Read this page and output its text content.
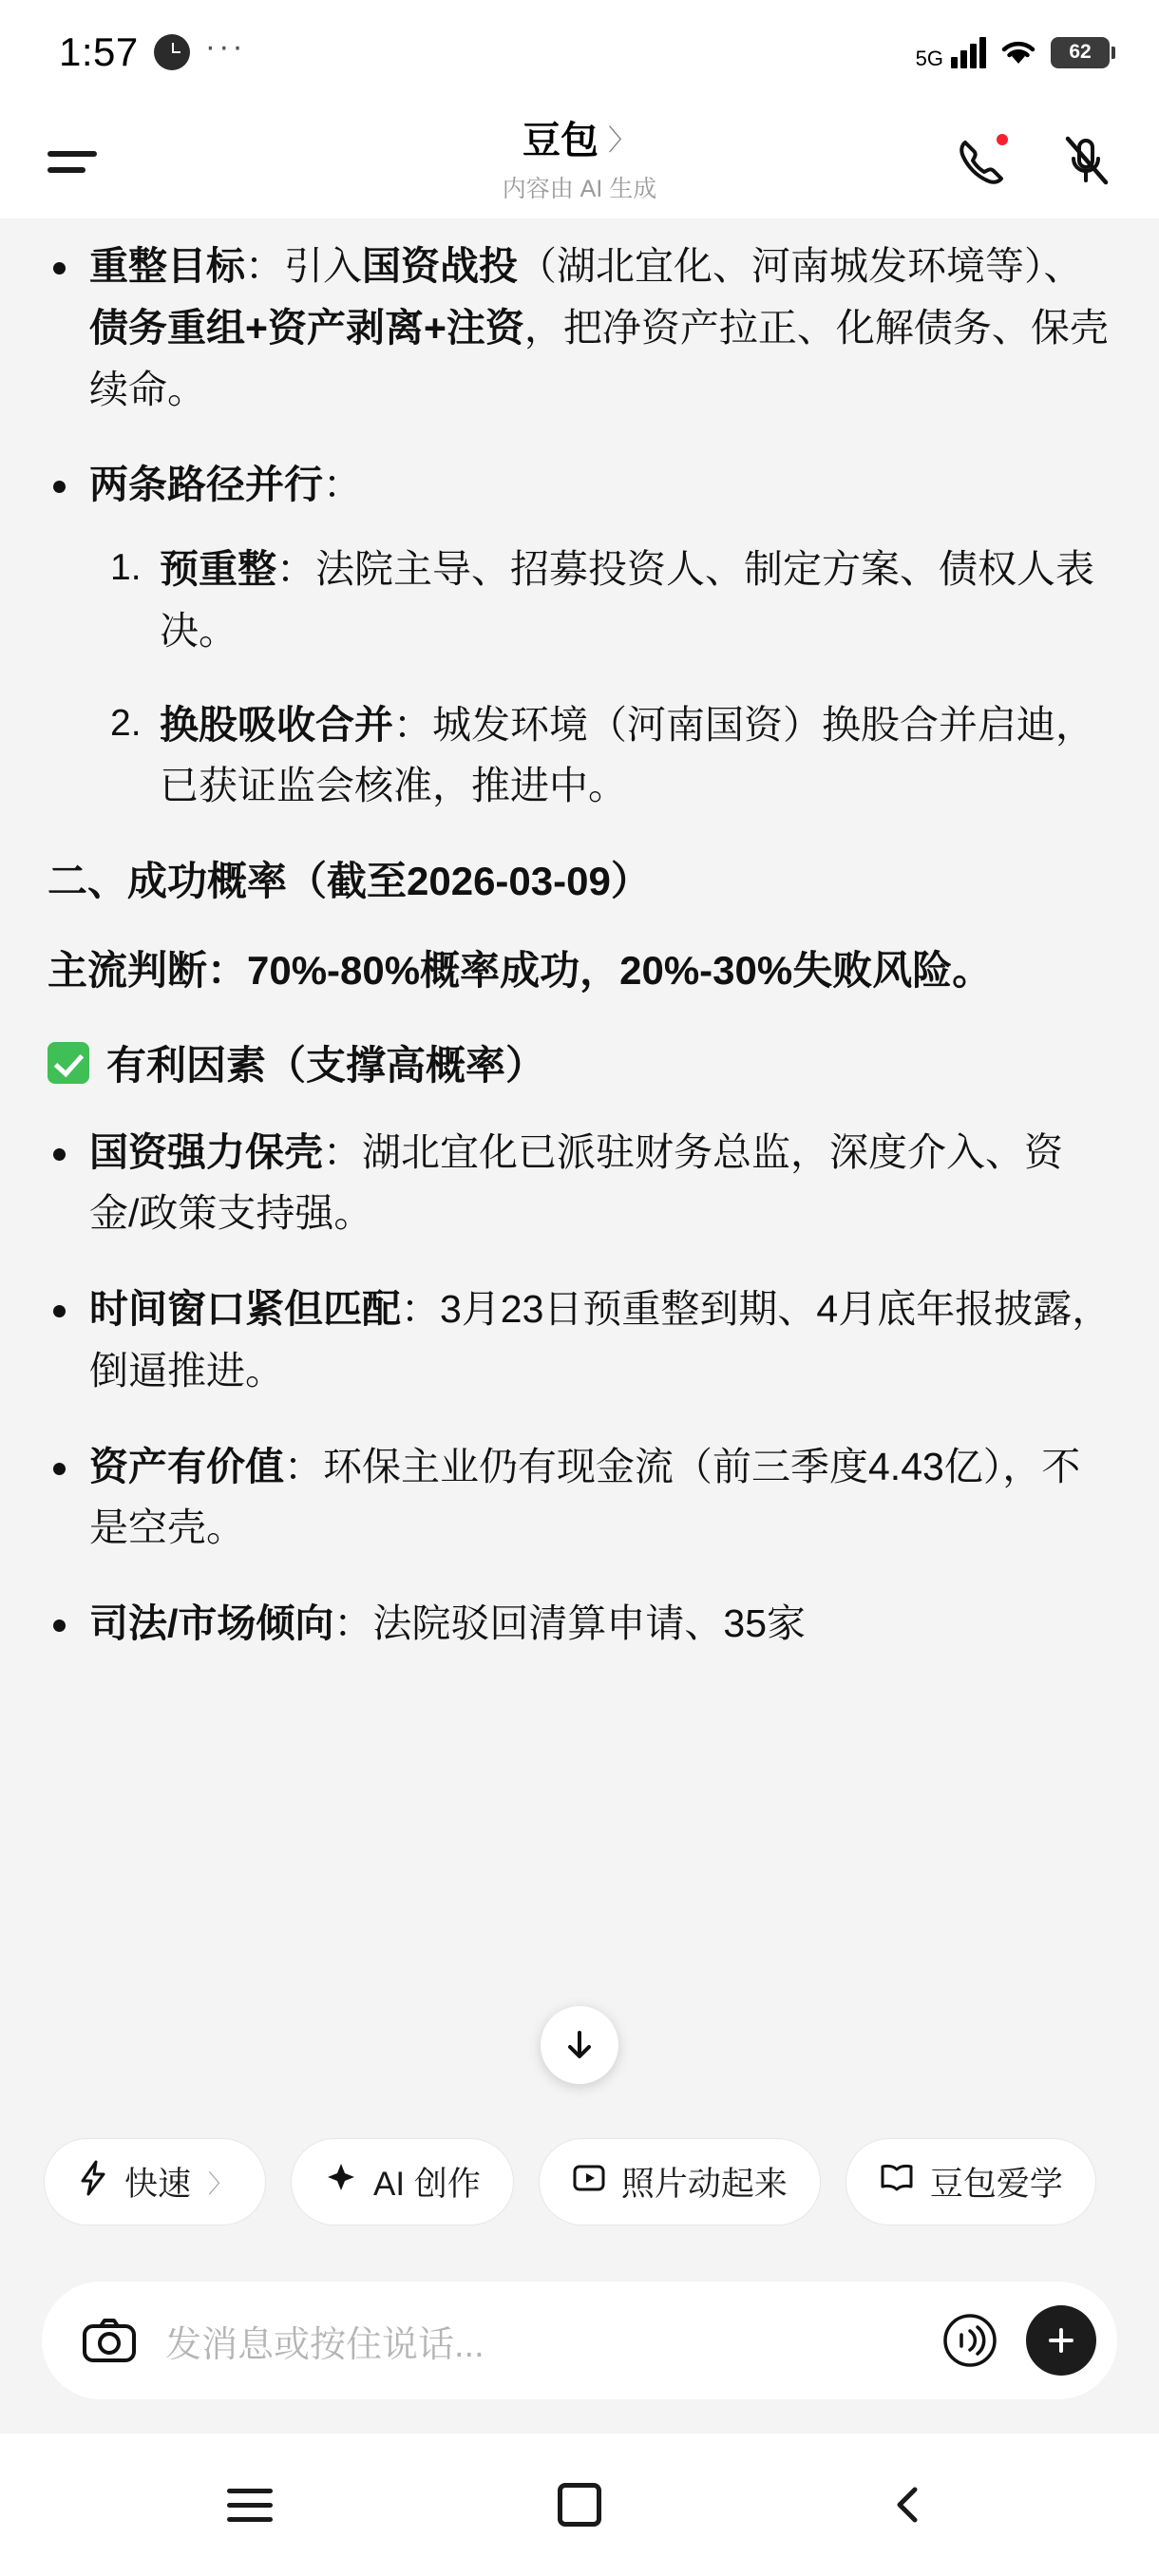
1:57 ···	5G	62
豆包 〉
内容由 AI 生成
重整目标：引入国资战投（湖北宜化、河南城发环境等）、债务重组+资产剥离+注资，把净资产拉正、化解债务、保壳续命。
两条路径并行：
预重整：法院主导、招募投资人、制定方案、债权人表决。
换股吸收合并：城发环境（河南国资）换股合并启迪，已获证监会核准，推进中。
二、成功概率（截至2026-03-09）

主流判断：70%-80%概率成功，20%-30%失败风险。

有利因素（支撑高概率）
国资强力保壳：湖北宜化已派驻财务总监，深度介入、资金/政策支持强。
时间窗口紧但匹配：3月23日预重整到期、4月底年报披露，倒逼推进。
资产有价值：环保主业仍有现金流（前三季度4.43亿），不是空壳。
司法/市场倾向：法院驳回清算申请、35家
快速 〉	AI 创作	照片动起来	豆包爱学
发消息或按住说话...
